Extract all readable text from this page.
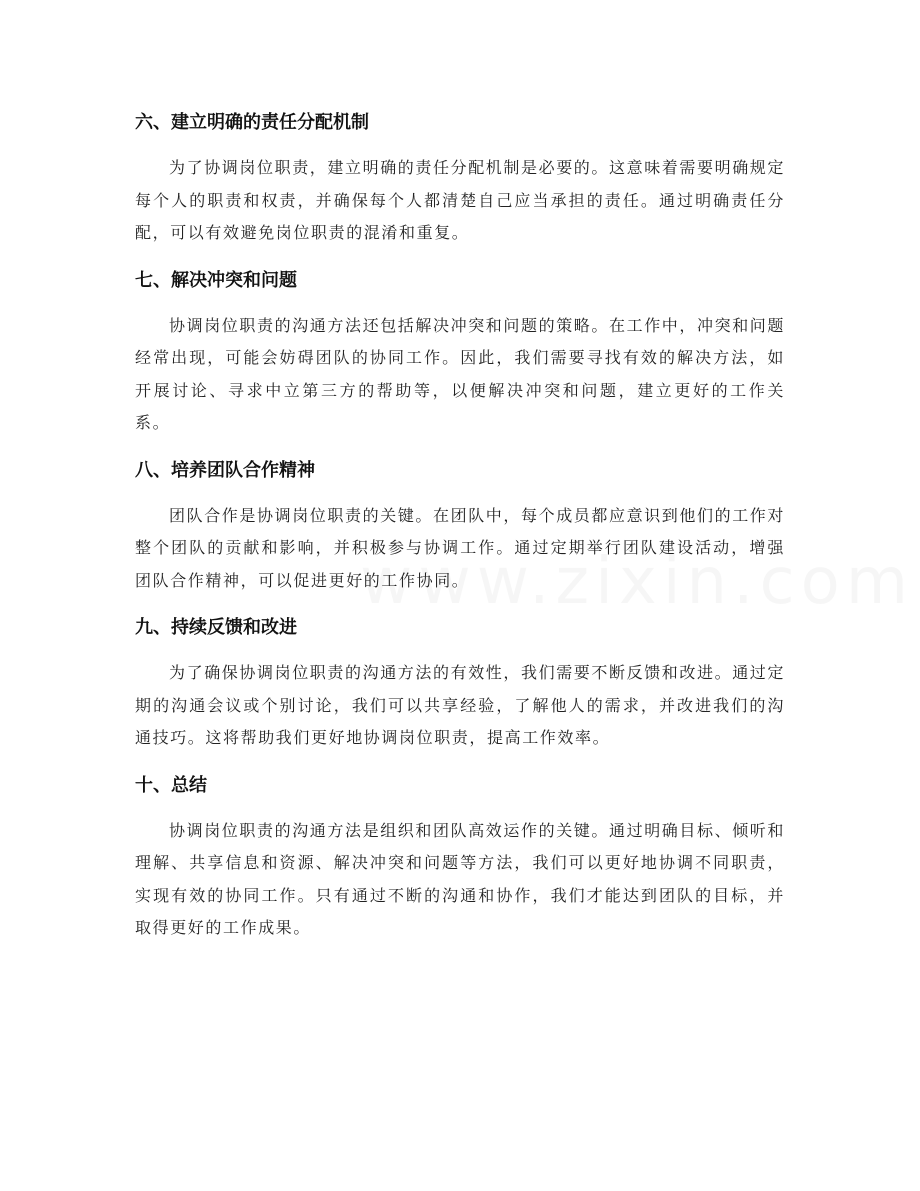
六、建立明确的责任分配机制

为了协调岗位职责，建立明确的责任分配机制是必要的。这意味着需要明确规定每个人的职责和权责，并确保每个人都清楚自己应当承担的责任。通过明确责任分配，可以有效避免岗位职责的混淆和重复。

七、解决冲突和问题

协调岗位职责的沟通方法还包括解决冲突和问题的策略。在工作中，冲突和问题经常出现，可能会妨碍团队的协同工作。因此，我们需要寻找有效的解决方法，如开展讨论、寻求中立第三方的帮助等，以便解决冲突和问题，建立更好的工作关系。

八、培养团队合作精神

团队合作是协调岗位职责的关键。在团队中，每个成员都应意识到他们的工作对整个团队的贡献和影响，并积极参与协调工作。通过定期举行团队建设活动，增强团队合作精神，可以促进更好的工作协同。

九、持续反馈和改进

为了确保协调岗位职责的沟通方法的有效性，我们需要不断反馈和改进。通过定期的沟通会议或个别讨论，我们可以共享经验，了解他人的需求，并改进我们的沟通技巧。这将帮助我们更好地协调岗位职责，提高工作效率。

十、总结

协调岗位职责的沟通方法是组织和团队高效运作的关键。通过明确目标、倾听和理解、共享信息和资源、解决冲突和问题等方法，我们可以更好地协调不同职责，实现有效的协同工作。只有通过不断的沟通和协作，我们才能达到团队的目标，并取得更好的工作成果。
